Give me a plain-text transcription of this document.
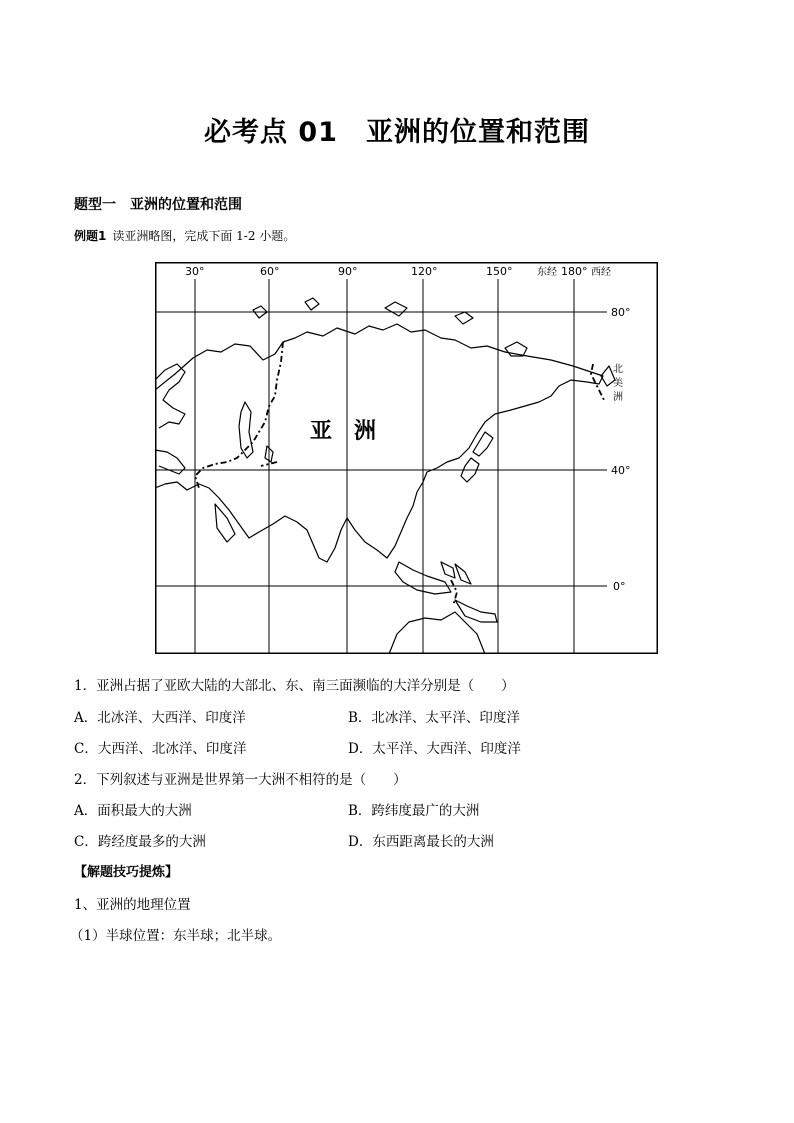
必考点 01　亚洲的位置和范围
题型一　亚洲的位置和范围
例题1 读亚洲略图，完成下面 1-2 小题。
30°	60°	90°	120°	150° 东经 180° 西经
80°
40°
0°
亚　洲
北
美
洲
1．亚洲占据了亚欧大陆的大部北、东、南三面濒临的大洋分别是（　　）
A．北冰洋、大西洋、印度洋	B．北冰洋、太平洋、印度洋
C．大西洋、北冰洋、印度洋	D．太平洋、大西洋、印度洋
2．下列叙述与亚洲是世界第一大洲不相符的是（　　）
A．面积最大的大洲	B．跨纬度最广的大洲
C．跨经度最多的大洲	D．东西距离最长的大洲
【解题技巧提炼】
1、亚洲的地理位置
（1）半球位置：东半球；北半球。
